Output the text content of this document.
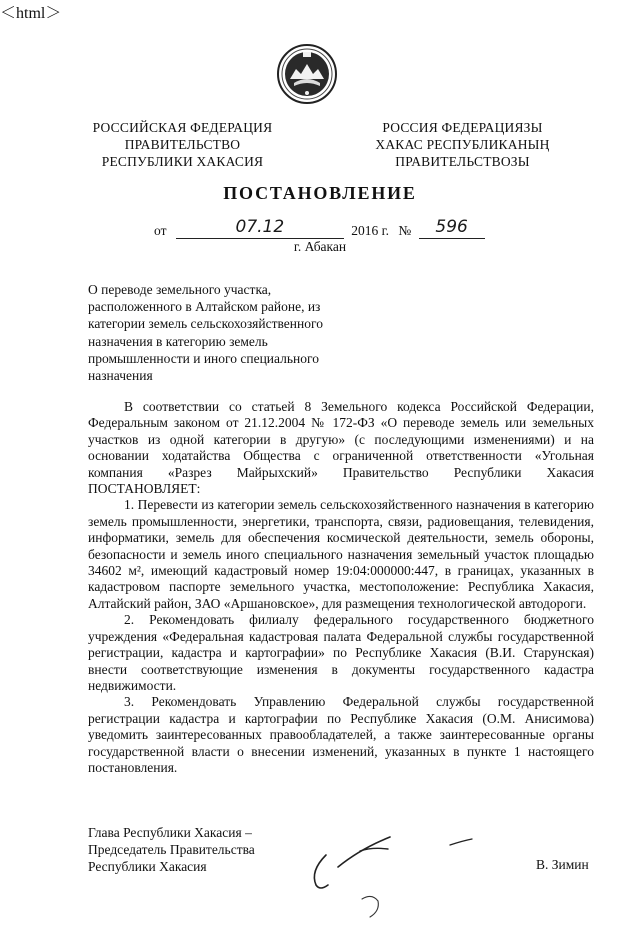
＜html＞
РОССИЙСКАЯ ФЕДЕРАЦИЯ
ПРАВИТЕЛЬСТВО
РЕСПУБЛИКИ ХАКАСИЯ
РОССИЯ ФЕДЕРАЦИЯЗЫ
ХАКАС РЕСПУБЛИКАНЫҢ
ПРАВИТЕЛЬСТВОЗЫ
ПОСТАНОВЛЕНИЕ
от	07.12	2016 г. № 596
г. Абакан
О переводе земельного участка,
расположенного в Алтайском районе, из
категории земель сельскохозяйственного
назначения в категорию земель
промышленности и иного специального
назначения

В соответствии со статьей 8 Земельного кодекса Российской Федерации, Федеральным законом от 21.12.2004 № 172-ФЗ «О переводе земель или земельных участков из одной категории в другую» (с последующими изменениями) и на основании ходатайства Общества с ограниченной ответственности «Угольная компания «Разрез Майрыхский» Правительство Республики Хакасия ПОСТАНОВЛЯЕТ:

1. Перевести из категории земель сельскохозяйственного назначения в категорию земель промышленности, энергетики, транспорта, связи, радиовещания, телевидения, информатики, земель для обеспечения космической деятельности, земель обороны, безопасности и земель иного специального назначения земельный участок площадью 34602 м², имеющий кадастровый номер 19:04:000000:447, в границах, указанных в кадастровом паспорте земельного участка, местоположение: Республика Хакасия, Алтайский район, ЗАО «Аршановское», для размещения технологической автодороги.

2. Рекомендовать филиалу федерального государственного бюджетного учреждения «Федеральная кадастровая палата Федеральной службы государственной регистрации, кадастра и картографии» по Республике Хакасия (В.И. Старунская) внести соответствующие изменения в документы государственного кадастра недвижимости.

3. Рекомендовать Управлению Федеральной службы государственной регистрации кадастра и картографии по Республике Хакасия (О.М. Анисимова) уведомить заинтересованных правообладателей, а также заинтересованные органы государственной власти о внесении изменений, указанных в пункте 1 настоящего постановления.

Глава Республики Хакасия –
Председатель Правительства
Республики Хакасия	В. Зимин
